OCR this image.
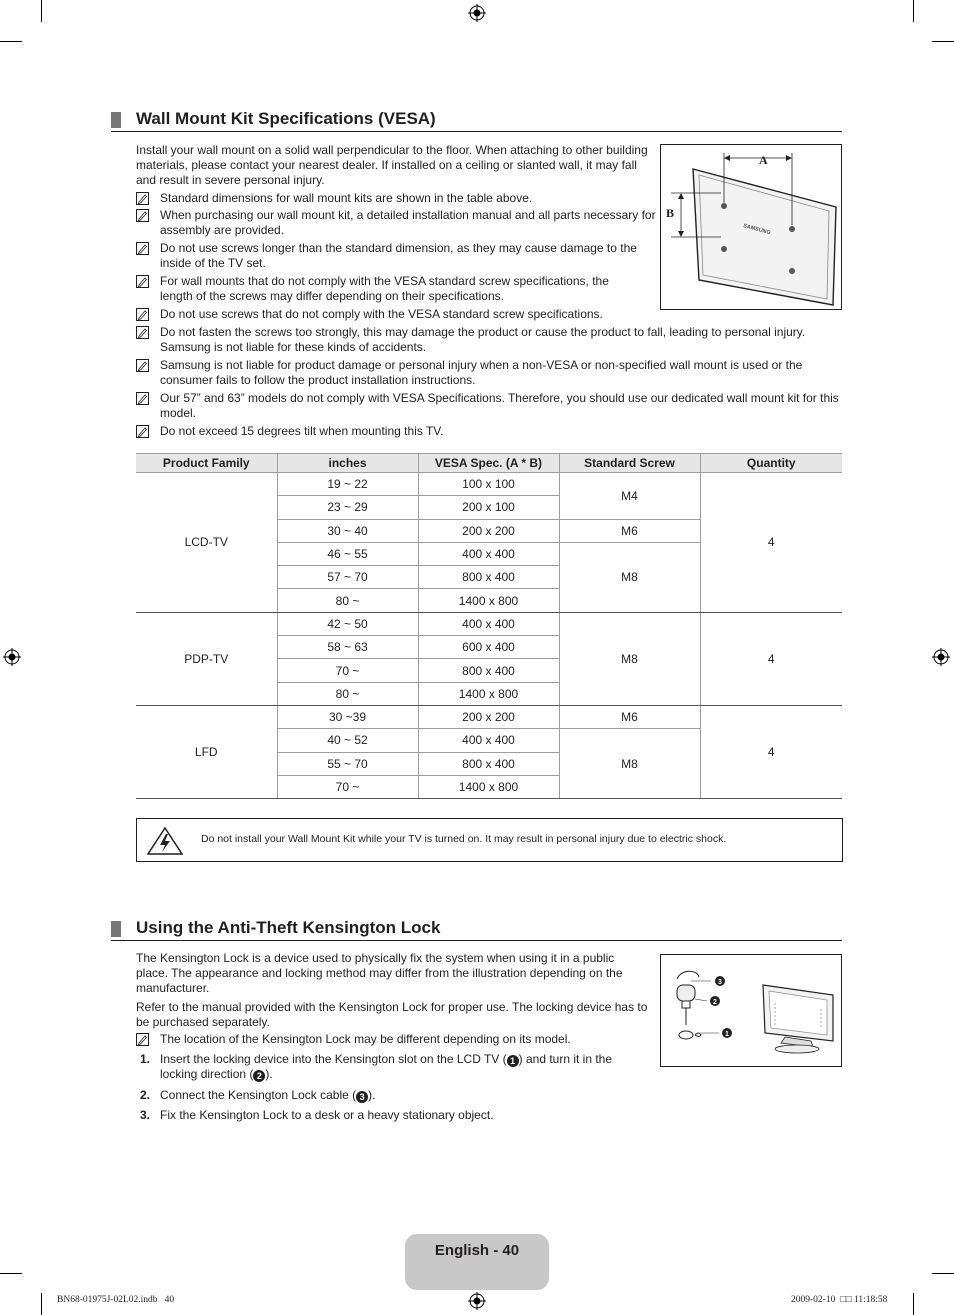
Wall Mount Kit Specifications (VESA)
Install your wall mount on a solid wall perpendicular to the floor. When attaching to other building materials, please contact your nearest dealer. If installed on a ceiling or slanted wall, it may fall and result in severe personal injury.
A
B
SAMSUNG
Standard dimensions for wall mount kits are shown in the table above.
When purchasing our wall mount kit, a detailed installation manual and all parts necessary for assembly are provided.
Do not use screws longer than the standard dimension, as they may cause damage to the inside of the TV set.
For wall mounts that do not comply with the VESA standard screw specifications, the length of the screws may differ depending on their specifications.
Do not use screws that do not comply with the VESA standard screw specifications.
Do not fasten the screws too strongly, this may damage the product or cause the product to fall, leading to personal injury. Samsung is not liable for these kinds of accidents.
Samsung is not liable for product damage or personal injury when a non-VESA or non-specified wall mount is used or the consumer fails to follow the product installation instructions.
Our 57” and 63” models do not comply with VESA Specifications. Therefore, you should use our dedicated wall mount kit for this model.
Do not exceed 15 degrees tilt when mounting this TV.
Product Family	inches	VESA Spec. (A * B)	Standard Screw	Quantity
LCD-TV	19 ~ 22	100 x 100	M4	4
	23 ~ 29	200 x 100		
	30 ~ 40	200 x 200	M6	
	46 ~ 55	400 x 400	M8	
	57 ~ 70	800 x 400		
	80 ~	1400 x 800		
PDP-TV	42 ~ 50	400 x 400	M8	4
	58 ~ 63	600 x 400		
	70 ~	800 x 400		
	80 ~	1400 x 800		
LFD	30 ~39	200 x 200	M6	4
	40 ~ 52	400 x 400	M8	
	55 ~ 70	800 x 400		
	70 ~	1400 x 800		
Do not install your Wall Mount Kit while your TV is turned on. It may result in personal injury due to electric shock.
Using the Anti-Theft Kensington Lock
The Kensington Lock is a device used to physically fix the system when using it in a public place. The appearance and locking method may differ from the illustration depending on the manufacturer.
Refer to the manual provided with the Kensington Lock for proper use. The locking device has to be purchased separately.
The location of the Kensington Lock may be different depending on its model.
1. Insert the locking device into the Kensington slot on the LCD TV ( 1 ) and turn it in the locking direction ( 2 ).
2. Connect the Kensington Lock cable ( 3 ).
3. Fix the Kensington Lock to a desk or a heavy stationary object.
3
2
1
English - 40
BN68-01975J-02L02.indb 40	2009-02-10 □□ 11:18:58
